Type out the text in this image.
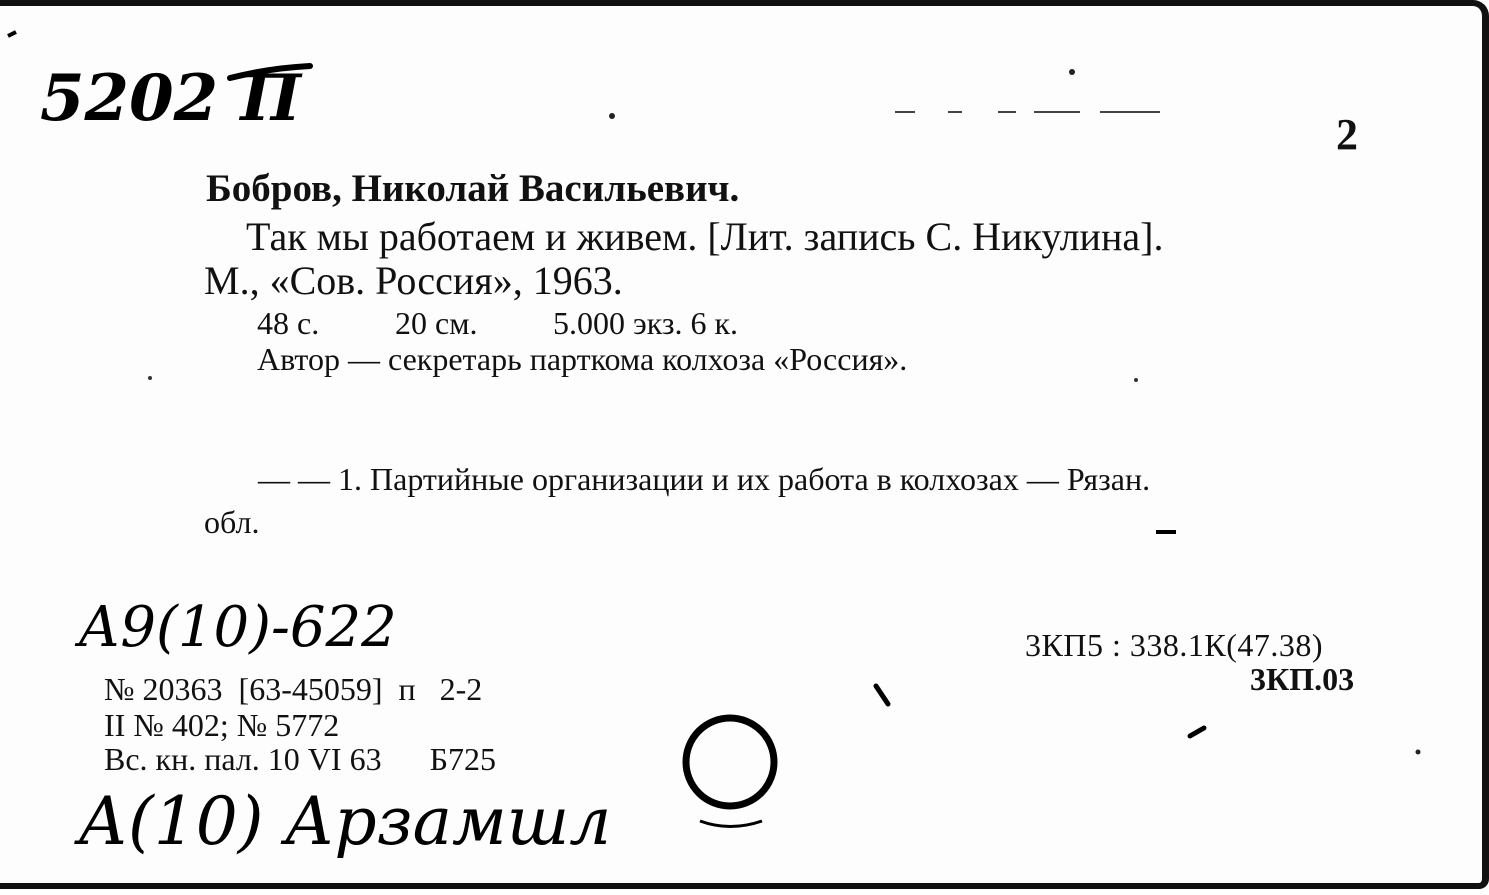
5202 П	2
Бобров, Николай Васильевич.
Так мы работаем и живем. [Лит. запись С. Никулина].
М., «Сов. Россия», 1963.
48 с. 20 см. 5.000 экз. 6 к.
Автор — секретарь парткома колхоза «Россия».
— — 1. Партийные организации и их работа в колхозах — Рязан.
обл.
А9(10)-622
А(10) Арзамшл
3КП5 : 338.1К(47.38)
3КП.03
№ 20363  [63-45059]  п   2-2
II № 402; № 5772
Вс. кн. пал. 10 VI 63      Б725
